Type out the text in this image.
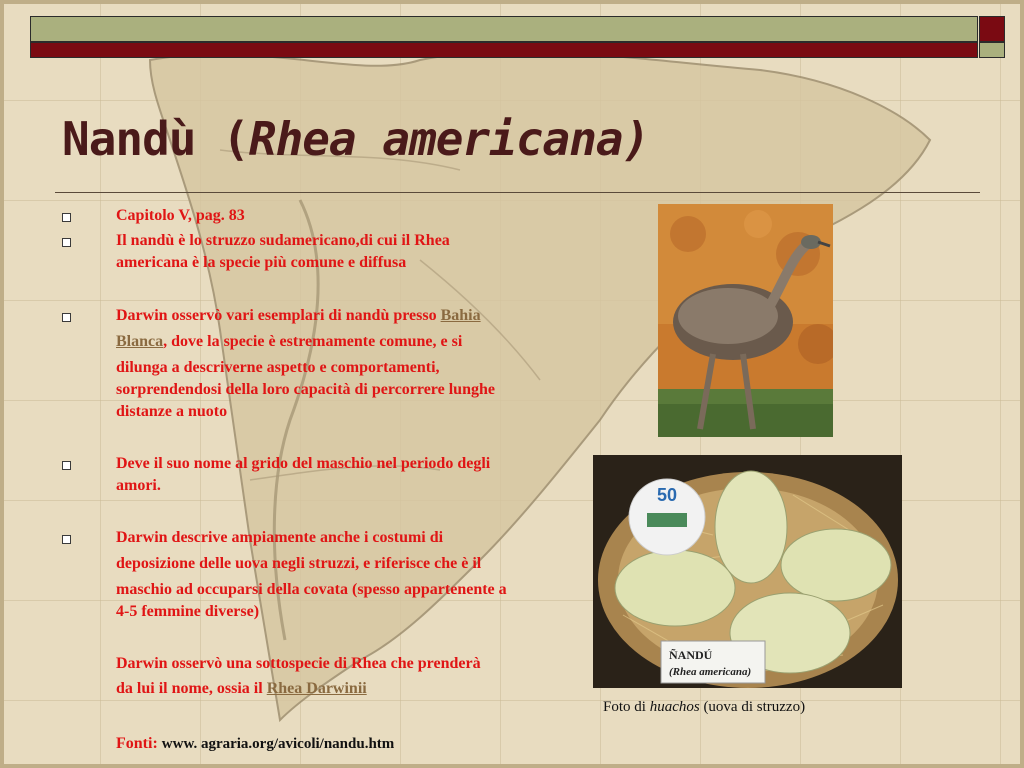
Nandù (Rhea americana)
Capitolo V, pag. 83
Il nandù è lo struzzo sudamericano,di cui il Rhea
americana è la specie più comune e diffusa
Darwin osservò vari esemplari di nandù presso Bahia
Blanca, dove la specie è estremamente comune, e si
dilunga a descriverne aspetto e comportamenti,
sorprendendosi della loro capacità di percorrere lunghe
distanze a nuoto
Deve il suo nome al grido del maschio nel periodo degli
amori.
Darwin descrive ampiamente anche i costumi di
deposizione delle uova negli struzzi, e riferisce che è il
maschio ad occuparsi della covata (spesso appartenente a
4-5 femmine diverse)
Darwin osservò una sottospecie di Rhea che prenderà
da lui il nome, ossia il Rhea Darwinii
Fonti: www. agraria.org/avicoli/nandu.htm
50
ÑANDÚ
(Rhea americana)
Foto di huachos (uova di struzzo)
